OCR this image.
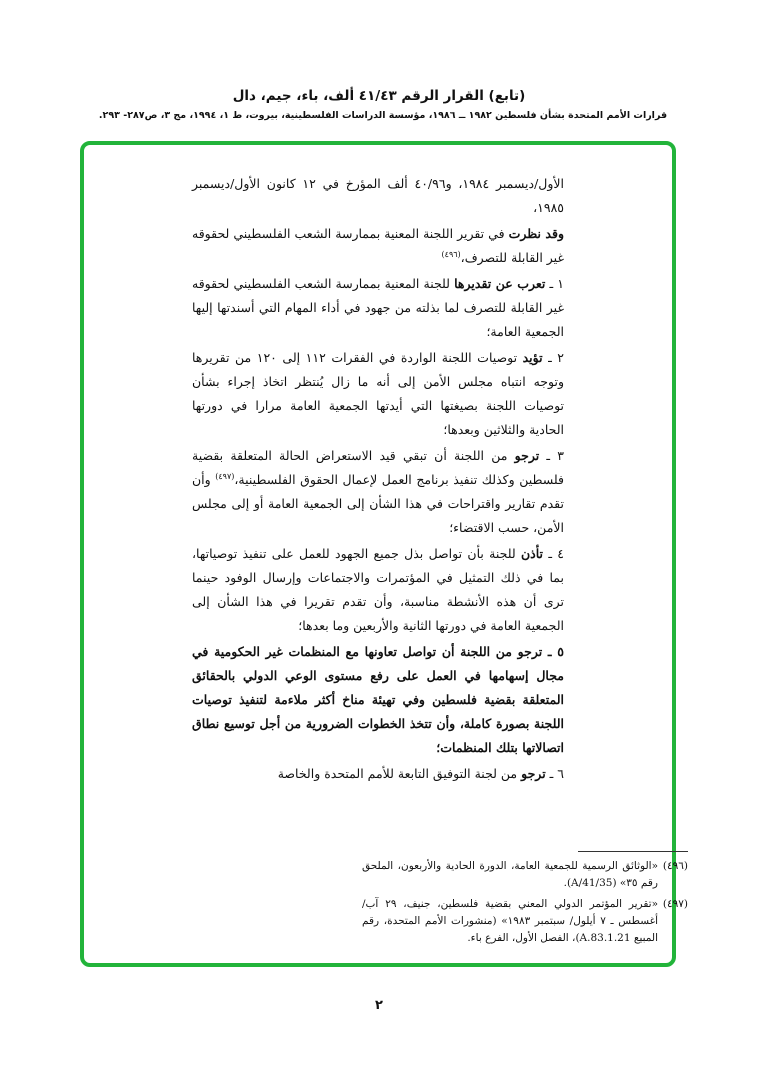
(تابع) القرار الرقم ٤١/٤٣ ألف، باء، جيم، دال
قرارات الأمم المتحدة بشأن فلسطين ١٩٨٢ ــ ١٩٨٦، مؤسسة الدراسات الفلسطينية، بيروت، ط ١، ١٩٩٤، مج ٣، ص٢٨٧- ٢٩٣.

الأول/ديسمبر ١٩٨٤، و٤٠/٩٦ ألف المؤرخ في ١٢ كانون الأول/ديسمبر ١٩٨٥،

وقد نظرت في تقرير اللجنة المعنية بممارسة الشعب الفلسطيني لحقوقه غير القابلة للتصرف،$^{(٤٩٦)}$

١ ـ تعرب عن تقديرها للجنة المعنية بممارسة الشعب الفلسطيني لحقوقه غير القابلة للتصرف لما بذلته من جهود في أداء المهام التي أسندتها إليها الجمعية العامة؛

٢ ـ تؤيد توصيات اللجنة الواردة في الفقرات ١١٢ إلى ١٢٠ من تقريرها وتوجه انتباه مجلس الأمن إلى أنه ما زال يُنتظر اتخاذ إجراء بشأن توصيات اللجنة بصيغتها التي أيدتها الجمعية العامة مرارا في دورتها الحادية والثلاثين وبعدها؛

٣ ـ ترجو من اللجنة أن تبقي قيد الاستعراض الحالة المتعلقة بقضية فلسطين وكذلك تنفيذ برنامج العمل لإعمال الحقوق الفلسطينية،$^{(٤٩٧)}$ وأن تقدم تقارير واقتراحات في هذا الشأن إلى الجمعية العامة أو إلى مجلس الأمن، حسب الاقتضاء؛

٤ ـ تأذن للجنة بأن تواصل بذل جميع الجهود للعمل على تنفيذ توصياتها، بما في ذلك التمثيل في المؤتمرات والاجتماعات وإرسال الوفود حينما ترى أن هذه الأنشطة مناسبة، وأن تقدم تقريرا في هذا الشأن إلى الجمعية العامة في دورتها الثانية والأربعين وما بعدها؛

٥ ـ ترجو من اللجنة أن تواصل تعاونها مع المنظمات غير الحكومية في مجال إسهامها في العمل على رفع مستوى الوعي الدولي بالحقائق المتعلقة بقضية فلسطين وفي تهيئة مناخ أكثر ملاءمة لتنفيذ توصيات اللجنة بصورة كاملة، وأن تتخذ الخطوات الضرورية من أجل توسيع نطاق اتصالاتها بتلك المنظمات؛

٦ ـ ترجو من لجنة التوفيق التابعة للأمم المتحدة والخاصة

(٤٩٦)
«الوثائق الرسمية للجمعية العامة، الدورة الحادية والأربعون، الملحق رقم ٣٥» (A/41/35).
(٤٩٧)
«تقرير المؤتمر الدولي المعني بقضية فلسطين، جنيف، ٢٩ آب/ أغسطس ـ ٧ أيلول/ سبتمبر ١٩٨٣» (منشورات الأمم المتحدة، رقم المبيع A.83.1.21)، الفصل الأول، الفرع باء.
٢
